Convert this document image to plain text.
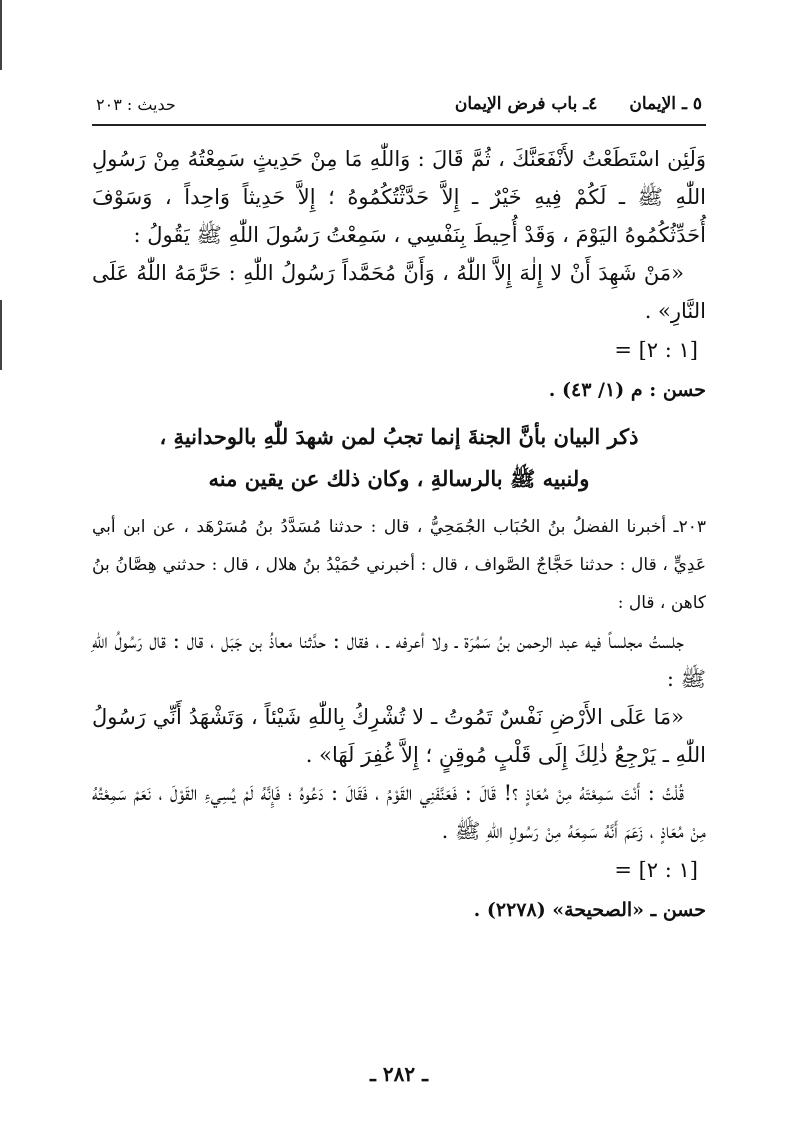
٥ ـ الإيمان
٤ـ باب فرض الإيمان
حديث : ٢٠٣

وَلَئِن اسْتَطَعْتُ لأَنْفَعَنَّكَ ، ثُمَّ قَالَ : وَاللّٰهِ مَا مِنْ حَدِيثٍ سَمِعْتُهُ مِنْ رَسُولِ اللّٰهِ ﷺ ـ لَكُمْ فِيهِ خَيْرٌ ـ إِلاَّ حَدَّثْتُكُمُوهُ ؛ إِلاَّ حَدِيثاً وَاحِداً ، وَسَوْفَ أُحَدِّثُكُمُوهُ اليَوْمَ ، وَقَدْ أُحِيطَ بِنَفْسِي ، سَمِعْتُ رَسُولَ اللّٰهِ ﷺ يَقُولُ :

«مَنْ شَهِدَ أَنْ لا إِلٰهَ إِلاَّ اللّٰهُ ، وَأَنَّ مُحَمَّداً رَسُولُ اللّٰهِ : حَرَّمَهُ اللّٰهُ عَلَى النَّارِ» .

[١ : ٢] =
حسن : م (١/ ٤٣) .
ذكر البيان بأنَّ الجنةَ إنما تجبُ لمن شهدَ للّٰهِ بالوحدانيةِ ،
ولنبيه ﷺ بالرسالةِ ، وكان ذلك عن يقين منه

٢٠٣ـ أخبرنا الفضلُ بنُ الحُبَاب الجُمَحِيُّ ، قال : حدثنا مُسَدَّدُ بنُ مُسَرْهَد ، عن ابن أبي عَدِيٍّ ، قال : حدثنا حَجَّاجٌ الصَّواف ، قال : أخبرني حُمَيْدُ بنُ هلال ، قال : حدثني هِصَّانُ بنُ كاهن ، قال :

جلستُ مجلساً فيه عبد الرحمن بنُ سَمُرَة ـ ولا أعرفه ـ ، فقال : حدَّثنا معاذُ بن جَبَل ، قال : قال رَسُولُ اللّٰهِ ﷺ :

«مَا عَلَى الأَرْضِ نَفْسٌ تَمُوتُ ـ لا تُشْرِكُ بِاللّٰهِ شَيْئاً ، وَتَشْهَدُ أَنِّي رَسُولُ اللّٰهِ ـ يَرْجِعُ ذٰلِكَ إِلَى قَلْبٍ مُوقِنٍ ؛ إِلاَّ غُفِرَ لَهَا» .

قُلْتُ : أَنْتَ سَمِعْتَهُ مِنْ مُعَاذٍ ؟! قَالَ : فَعَنَّفَنِي القَوْمُ ، فَقَالَ : دَعُوهُ ؛ فَإِنَّهُ لَمْ يُسِيءِ القَوْلَ ، نَعَمْ سَمِعْتُهُ مِنْ مُعَاذٍ ، زَعَمَ أَنَّهُ سَمِعَهُ مِنْ رَسُولِ اللّٰهِ ﷺ .

[١ : ٢] =
حسن ـ «الصحيحة» (٢٢٧٨) .
ـ ٢٨٢ ـ
